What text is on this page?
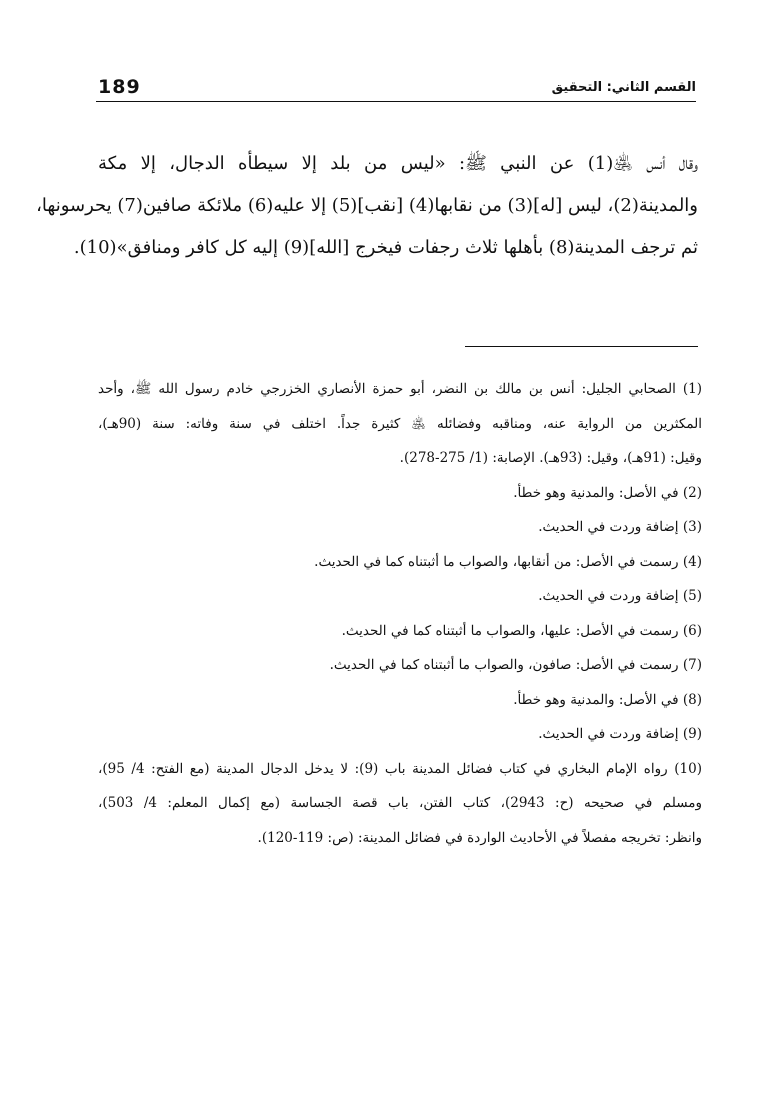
189	القسم الثاني: التحقيق
وقال أنس ﵁(1) عن النبي ﷺ: «ليس من بلد إلا سيطأه الدجال، إلا مكة
والمدينة(2)، ليس [له](3) من نقابها(4) [نقب](5) إلا عليه(6) ملائكة صافين(7) يحرسونها،
ثم ترجف المدينة(8) بأهلها ثلاث رجفات فيخرج [الله](9) إليه كل كافر ومنافق»(10).
(1) الصحابي الجليل: أنس بن مالك بن النضر، أبو حمزة الأنصاري الخزرجي خادم رسول الله ﷺ، وأحد
المكثرين من الرواية عنه، ومناقبه وفضائله ﵁ كثيرة جداً. اختلف في سنة وفاته: سنة (90هـ)،
وقيل: (91هـ)، وقيل: (93هـ). الإصابة: (1/ 275-278).
(2) في الأصل: والمدنية وهو خطأ.
(3) إضافة وردت في الحديث.
(4) رسمت في الأصل: من أنقابها، والصواب ما أثبتناه كما في الحديث.
(5) إضافة وردت في الحديث.
(6) رسمت في الأصل: عليها، والصواب ما أثبتناه كما في الحديث.
(7) رسمت في الأصل: صافون، والصواب ما أثبتناه كما في الحديث.
(8) في الأصل: والمدنية وهو خطأ.
(9) إضافة وردت في الحديث.
(10) رواه الإمام البخاري في كتاب فضائل المدينة باب (9): لا يدخل الدجال المدينة (مع الفتح: 4/ 95)،
ومسلم في صحيحه (ح: 2943)، كتاب الفتن، باب قصة الجساسة (مع إكمال المعلم: 4/ 503)،
وانظر: تخريجه مفصلاً في الأحاديث الواردة في فضائل المدينة: (ص: 119-120).
